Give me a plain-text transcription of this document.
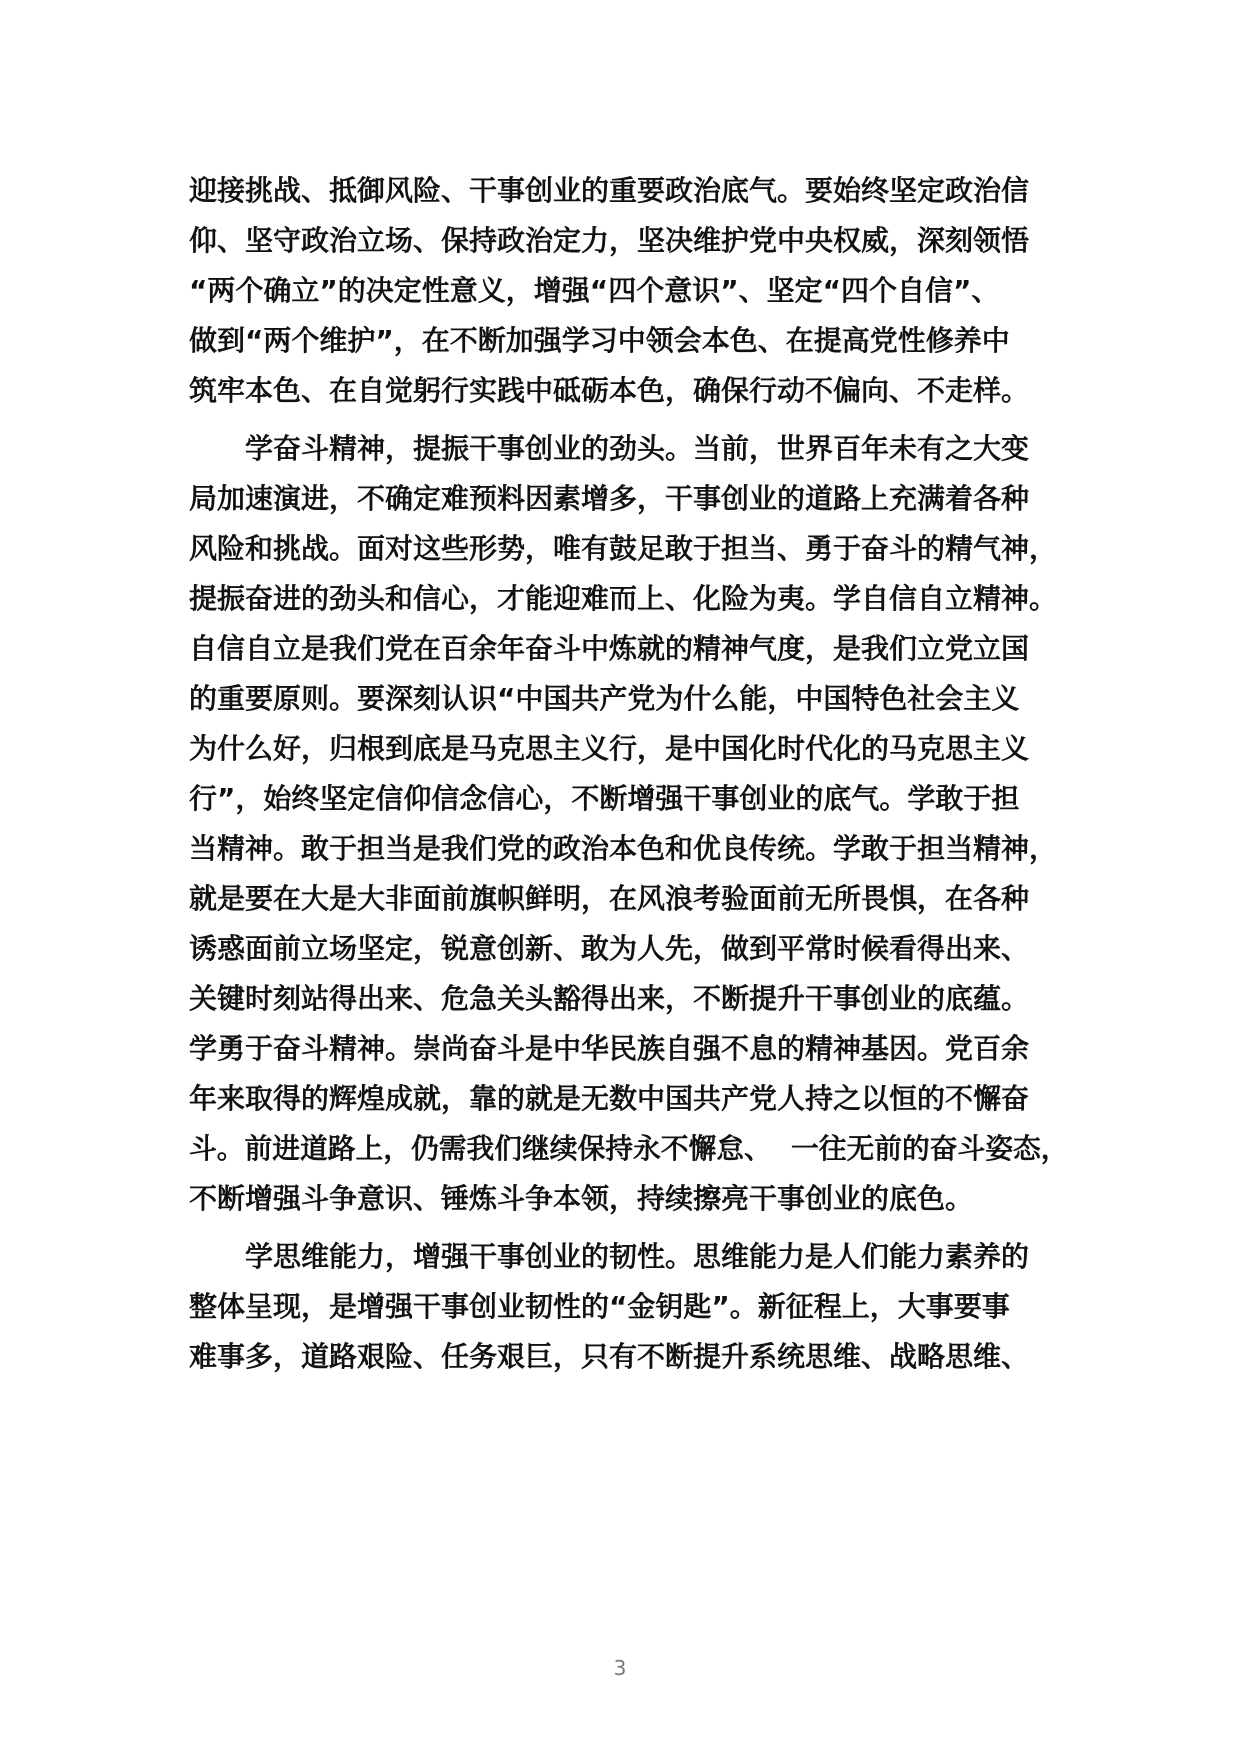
迎接挑战、抵御风险、干事创业的重要政治底气。要始终坚定政治信
仰、坚守政治立场、保持政治定力，坚决维护党中央权威，深刻领悟
“两个确立”的决定性意义，增强“四个意识”、坚定“四个自信”、
做到“两个维护”，在不断加强学习中领会本色、在提高党性修养中
筑牢本色、在自觉躬行实践中砥砺本色，确保行动不偏向、不走样。
学奋斗精神，提振干事创业的劲头。当前，世界百年未有之大变
局加速演进，不确定难预料因素增多，干事创业的道路上充满着各种
风险和挑战。面对这些形势，唯有鼓足敢于担当、勇于奋斗的精气神，
提振奋进的劲头和信心，才能迎难而上、化险为夷。学自信自立精神。
自信自立是我们党在百余年奋斗中炼就的精神气度，是我们立党立国
的重要原则。要深刻认识“中国共产党为什么能，中国特色社会主义
为什么好，归根到底是马克思主义行，是中国化时代化的马克思主义
行”，始终坚定信仰信念信心，不断增强干事创业的底气。学敢于担
当精神。敢于担当是我们党的政治本色和优良传统。学敢于担当精神，
就是要在大是大非面前旗帜鲜明，在风浪考验面前无所畏惧，在各种
诱惑面前立场坚定，锐意创新、敢为人先，做到平常时候看得出来、
关键时刻站得出来、危急关头豁得出来，不断提升干事创业的底蕴。
学勇于奋斗精神。崇尚奋斗是中华民族自强不息的精神基因。党百余
年来取得的辉煌成就，靠的就是无数中国共产党人持之以恒的不懈奋
斗。前进道路上，仍需我们继续保持永不懈怠、  一往无前的奋斗姿态，
不断增强斗争意识、锤炼斗争本领，持续擦亮干事创业的底色。
学思维能力，增强干事创业的韧性。思维能力是人们能力素养的
整体呈现，是增强干事创业韧性的“金钥匙”。新征程上，大事要事
难事多，道路艰险、任务艰巨，只有不断提升系统思维、战略思维、
3
